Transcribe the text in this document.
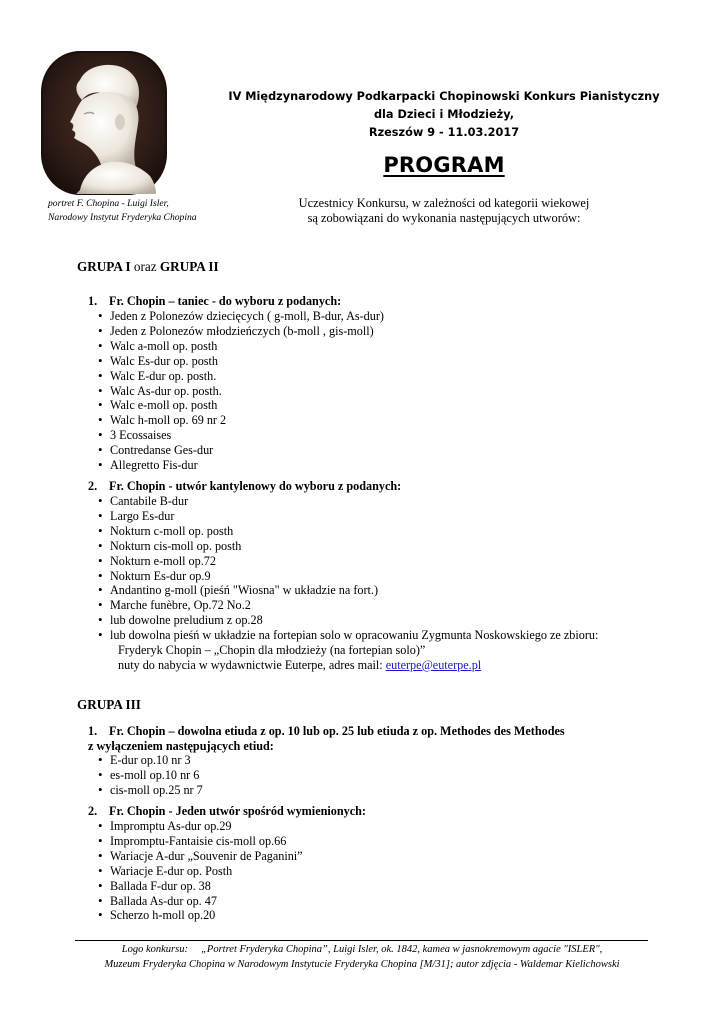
portret F. Chopina - Luigi Isler,
Narodowy Instytut Fryderyka Chopina
IV Międzynarodowy Podkarpacki Chopinowski Konkurs Pianistyczny
dla Dzieci i Młodzieży,
Rzeszów 9 - 11.03.2017
PROGRAM
Uczestnicy Konkursu, w zależności od kategorii wiekowej
są zobowiązani do wykonania następujących utworów:
GRUPA I oraz GRUPA II
1. Fr. Chopin – taniec - do wyboru z podanych:
• Jeden z Polonezów dziecięcych ( g-moll, B-dur, As-dur)
• Jeden z Polonezów młodzieńczych (b-moll , gis-moll)
• Walc a-moll op. posth
• Walc Es-dur op. posth
• Walc E-dur op. posth.
• Walc As-dur op. posth.
• Walc e-moll op. posth
• Walc h-moll op. 69 nr 2
• 3 Ecossaises
• Contredanse Ges-dur
• Allegretto Fis-dur
2. Fr. Chopin - utwór kantylenowy do wyboru z podanych:
• Cantabile B-dur
• Largo Es-dur
• Nokturn c-moll op. posth
• Nokturn cis-moll op. posth
• Nokturn e-moll op.72
• Nokturn Es-dur op.9
• Andantino g-moll (pieśń "Wiosna" w układzie na fort.)
• Marche funèbre, Op.72 No.2
• lub dowolne preludium z op.28
• lub dowolna pieśń w układzie na fortepian solo w opracowaniu Zygmunta Noskowskiego ze zbioru:
Fryderyk Chopin – „Chopin dla młodzieży (na fortepian solo)”
nuty do nabycia w wydawnictwie Euterpe, adres mail: euterpe@euterpe.pl
GRUPA III
1. Fr. Chopin – dowolna etiuda z op. 10 lub op. 25 lub etiuda z op. Methodes des Methodes
z wyłączeniem następujących etiud:
• E-dur op.10 nr 3
• es-moll op.10 nr 6
• cis-moll op.25 nr 7
2. Fr. Chopin - Jeden utwór spośród wymienionych:
• Impromptu As-dur op.29
• Impromptu-Fantaisie cis-moll op.66
• Wariacje A-dur „Souvenir de Paganini”
• Wariacje E-dur op. Posth
• Ballada F-dur op. 38
• Ballada As-dur op. 47
• Scherzo h-moll op.20
Logo konkursu:     „Portret Fryderyka Chopina”, Luigi Isler, ok. 1842, kamea w jasnokremowym agacie "ISLER",
Muzeum Fryderyka Chopina w Narodowym Instytucie Fryderyka Chopina [M/31]; autor zdjęcia - Waldemar Kielichowski
